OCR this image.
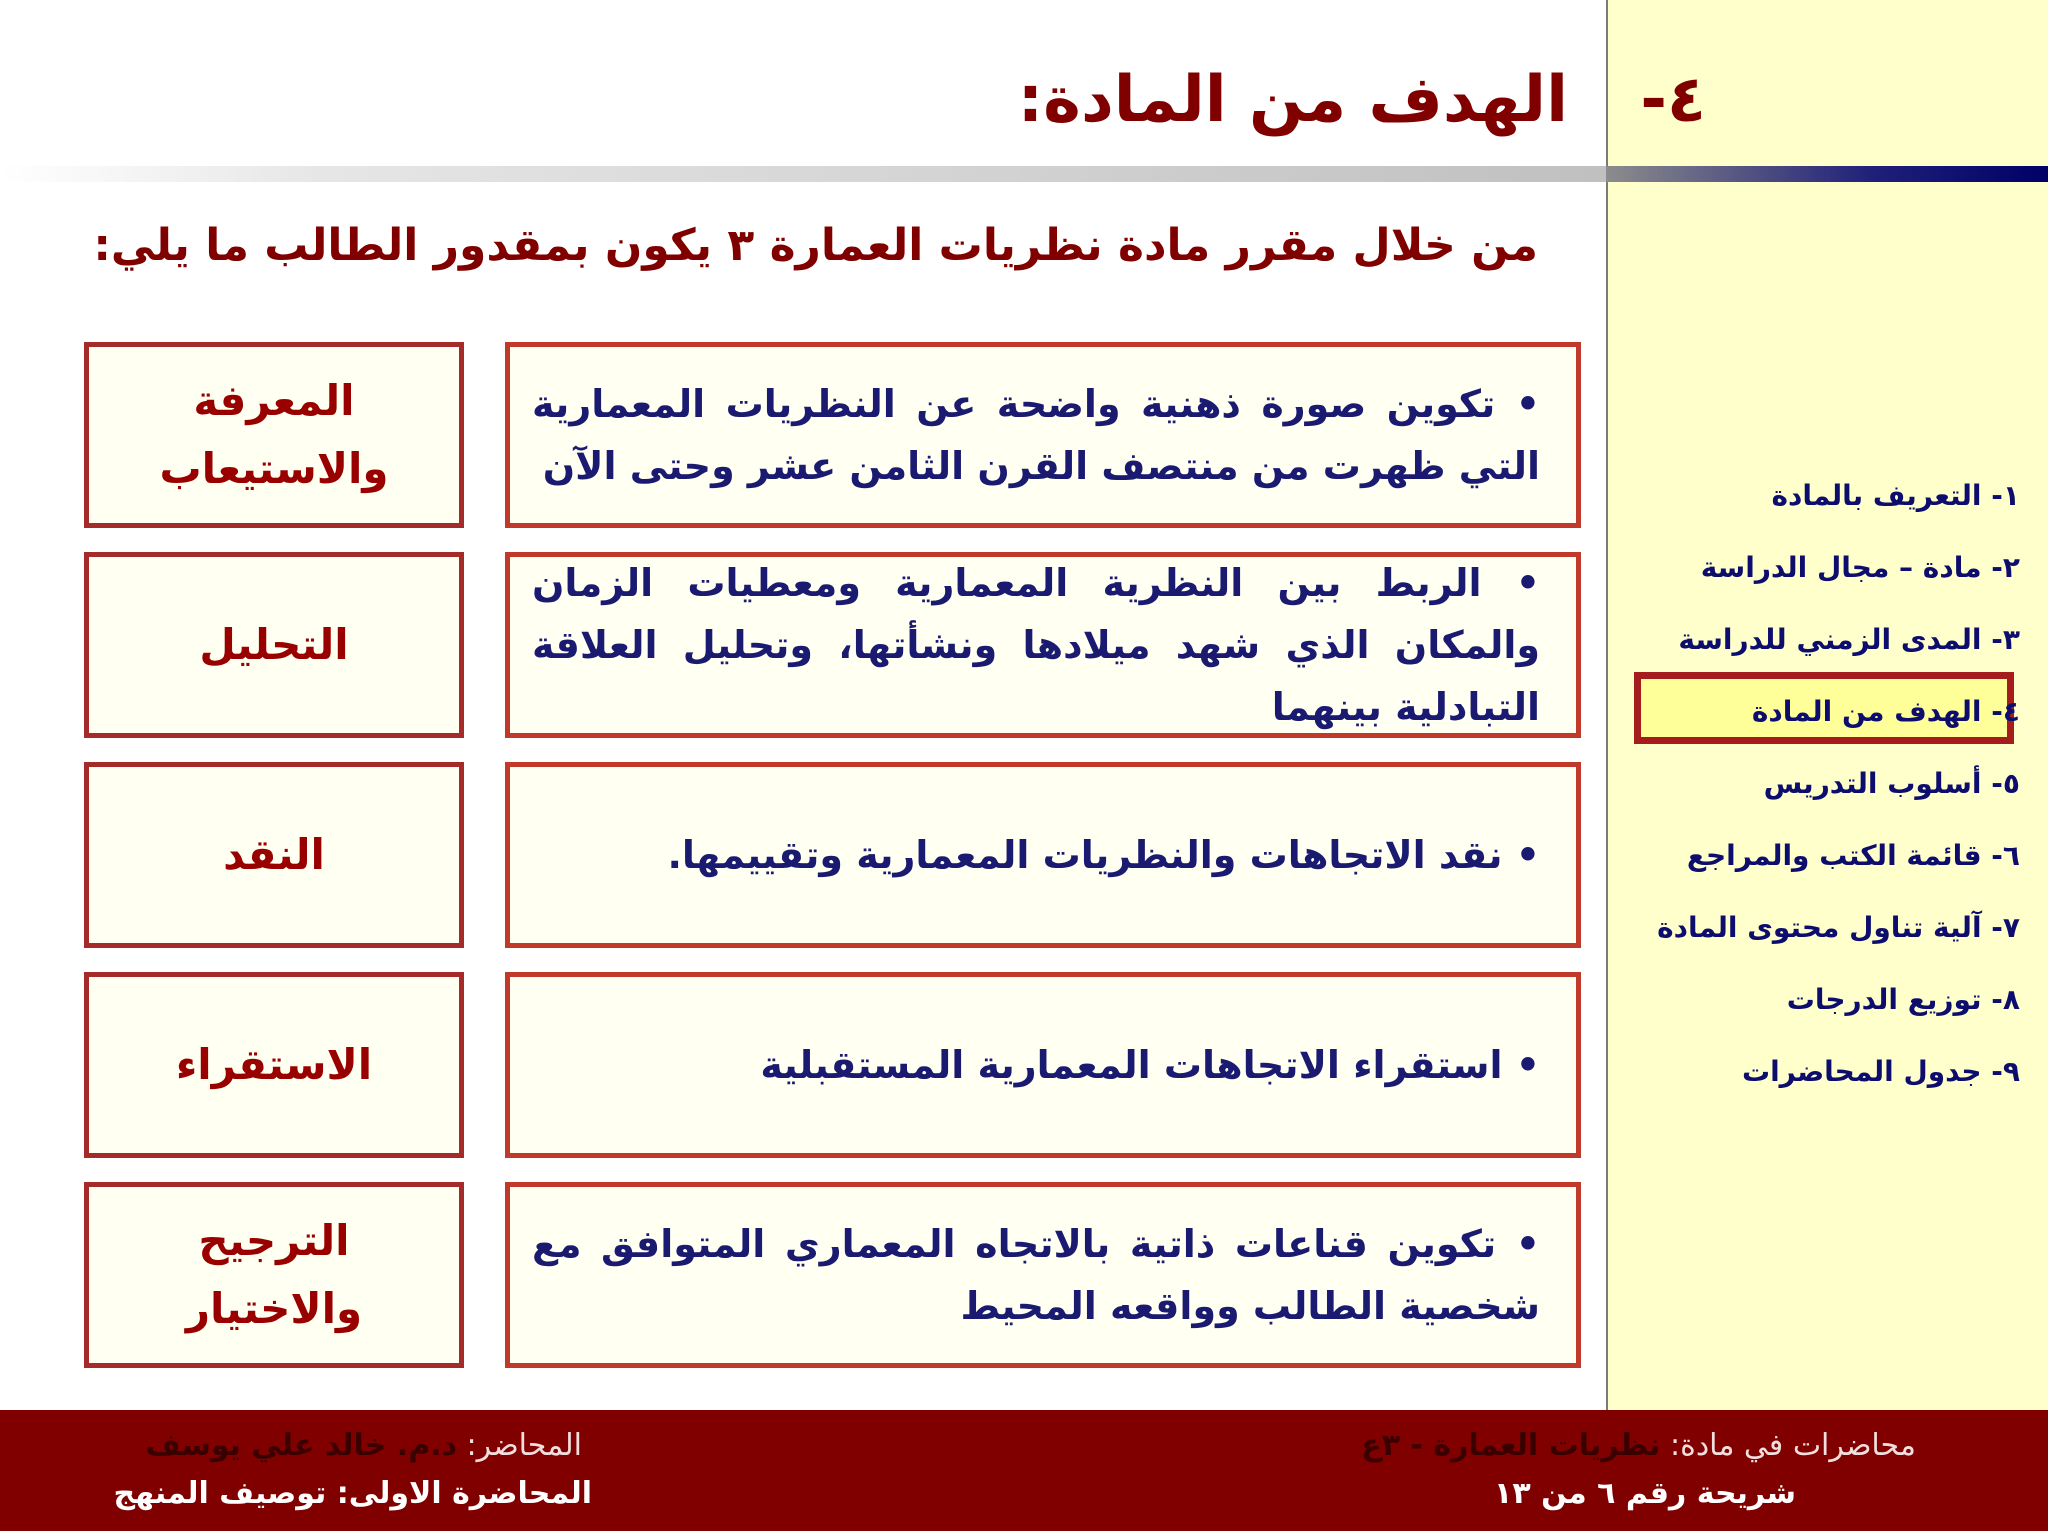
٤-
الهدف من المادة:
من خلال مقرر مادة نظريات العمارة ٣ يكون بمقدور الطالب ما يلي:
• تكوين صورة ذهنية واضحة عن النظريات المعمارية التي ظهرت من منتصف القرن الثامن عشر وحتى الآن
المعرفة
والاستيعاب
• الربط بين النظرية المعمارية ومعطيات الزمان والمكان الذي شهد ميلادها ونشأتها، وتحليل العلاقة التبادلية بينهما
التحليل
• نقد الاتجاهات والنظريات المعمارية وتقييمها.
النقد
• استقراء الاتجاهات المعمارية المستقبلية
الاستقراء
• تكوين قناعات ذاتية بالاتجاه المعماري المتوافق مع شخصية الطالب وواقعه المحيط
الترجيح
والاختيار
١- التعريف بالمادة
٢- مادة – مجال الدراسة
٣- المدى الزمني للدراسة
٤- الهدف من المادة
٥- أسلوب التدريس
٦- قائمة الكتب والمراجع
٧- آلية تناول محتوى المادة
٨- توزيع الدرجات
٩- جدول المحاضرات
محاضرات في مادة: نظريات العمارة - ٣ع
شريحة رقم ٦ من ١٣
المحاضر: د.م. خالد علي يوسف
المحاضرة الاولى: توصيف المنهج
